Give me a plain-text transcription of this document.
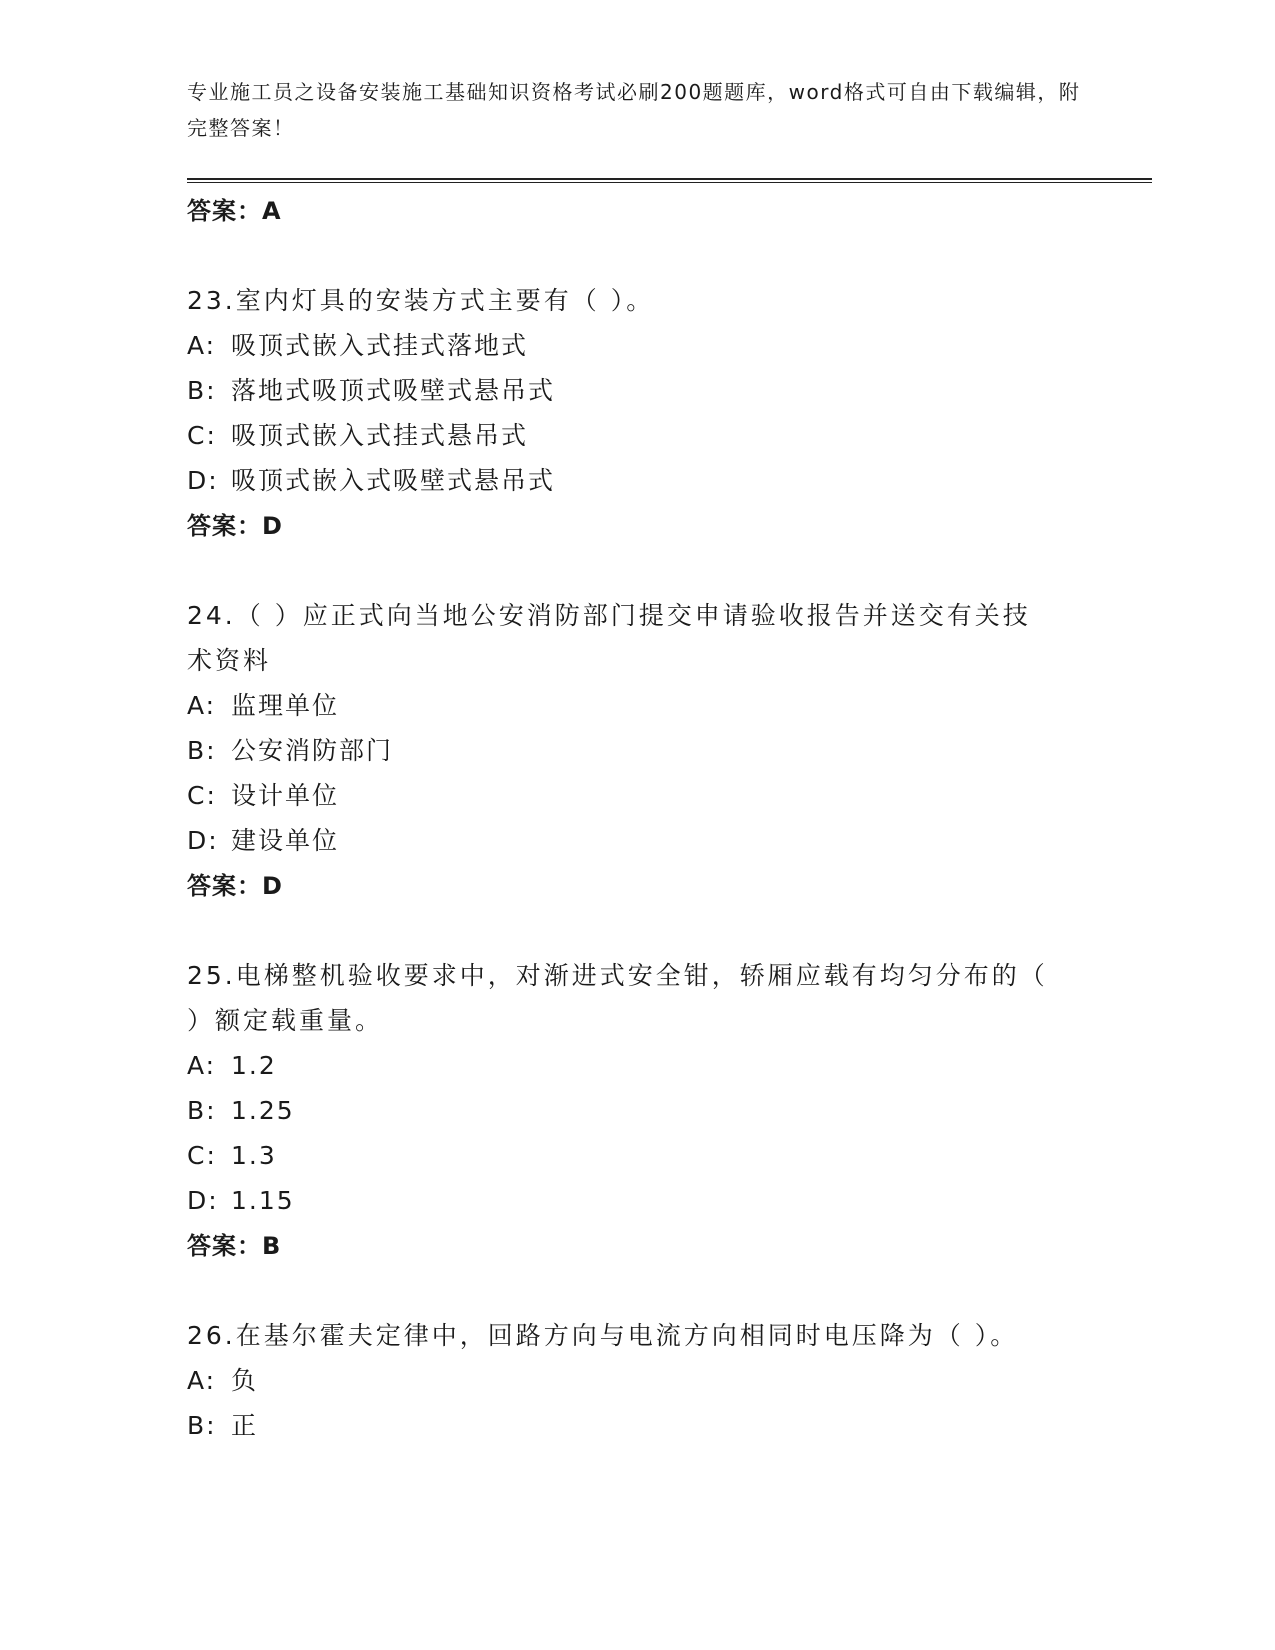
专业施工员之设备安装施工基础知识资格考试必刷200题题库，word格式可自由下载编辑，附完整答案！

答案：A

23.室内灯具的安装方式主要有（ ）。

A: 吸顶式嵌入式挂式落地式

B: 落地式吸顶式吸壁式悬吊式

C: 吸顶式嵌入式挂式悬吊式

D: 吸顶式嵌入式吸壁式悬吊式

答案：D

24.（ ）应正式向当地公安消防部门提交申请验收报告并送交有关技术资料

A: 监理单位

B: 公安消防部门

C: 设计单位

D: 建设单位

答案：D

25.电梯整机验收要求中，对渐进式安全钳，轿厢应载有均匀分布的（ ）额定载重量。

A: 1.2

B: 1.25

C: 1.3

D: 1.15

答案：B

26.在基尔霍夫定律中，回路方向与电流方向相同时电压降为（ ）。

A: 负

B: 正
